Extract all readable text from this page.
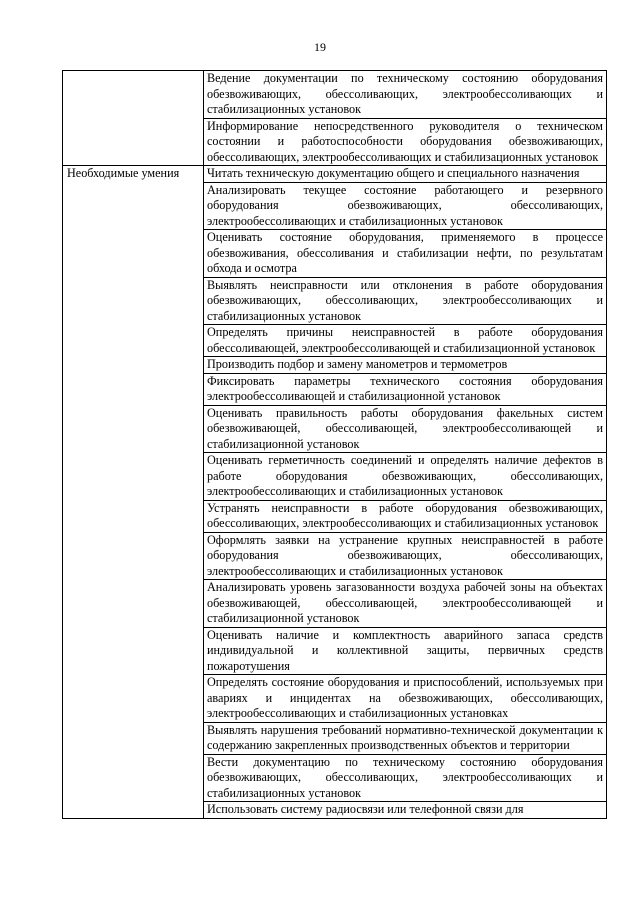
19
	Ведение документации по техническому состоянию оборудования обезвоживающих, обессоливающих, электрообессоливающих и стабилизационных установок
	Информирование непосредственного руководителя о техническом состоянии и работоспособности оборудования обезвоживающих, обессоливающих, электрообессоливающих и стабилизационных установок
Необходимые умения	Читать техническую документацию общего и специального назначения
	Анализировать текущее состояние работающего и резервного оборудования обезвоживающих, обессоливающих, электрообессоливающих и стабилизационных установок
	Оценивать состояние оборудования, применяемого в процессе обезвоживания, обессоливания и стабилизации нефти, по результатам обхода и осмотра
	Выявлять неисправности или отклонения в работе оборудования обезвоживающих, обессоливающих, электрообессоливающих и стабилизационных установок
	Определять причины неисправностей в работе оборудования обессоливающей, электрообессоливающей и стабилизационной установок
	Производить подбор и замену манометров и термометров
	Фиксировать параметры технического состояния оборудования электрообессоливающей и стабилизационной установок
	Оценивать правильность работы оборудования факельных систем обезвоживающей, обессоливающей, электрообессоливающей и стабилизационной установок
	Оценивать герметичность соединений и определять наличие дефектов в работе оборудования обезвоживающих, обессоливающих, электрообессоливающих и стабилизационных установок
	Устранять неисправности в работе оборудования обезвоживающих, обессоливающих, электрообессоливающих и стабилизационных установок
	Оформлять заявки на устранение крупных неисправностей в работе оборудования обезвоживающих, обессоливающих, электрообессоливающих и стабилизационных установок
	Анализировать уровень загазованности воздуха рабочей зоны на объектах обезвоживающей, обессоливающей, электрообессоливающей и стабилизационной установок
	Оценивать наличие и комплектность аварийного запаса средств индивидуальной и коллективной защиты, первичных средств пожаротушения
	Определять состояние оборудования и приспособлений, используемых при авариях и инцидентах на обезвоживающих, обессоливающих, электрообессоливающих и стабилизационных установках
	Выявлять нарушения требований нормативно-технической документации к содержанию закрепленных производственных объектов и территории
	Вести документацию по техническому состоянию оборудования обезвоживающих, обессоливающих, электрообессоливающих и стабилизационных установок
	Использовать систему радиосвязи или телефонной связи для
